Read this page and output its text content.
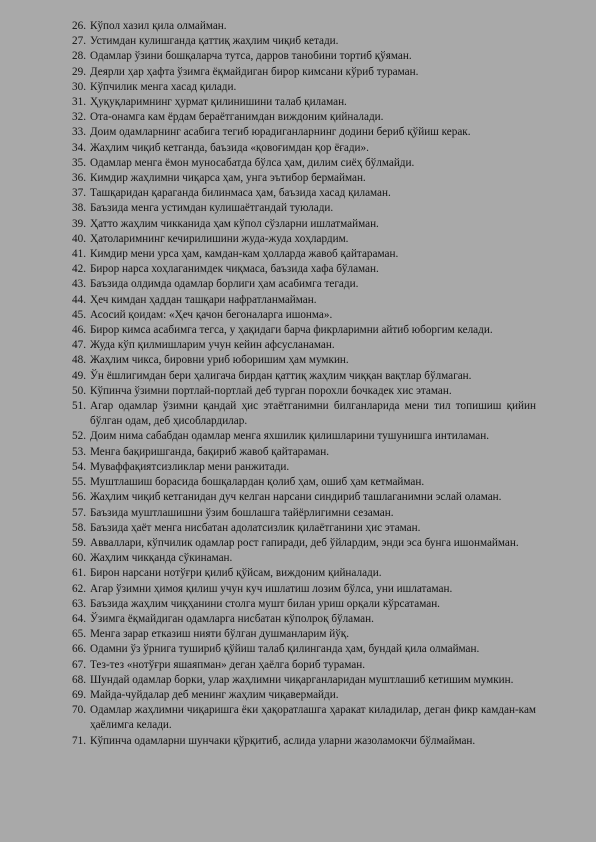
26. Кўпол хазил қила олмайман.
27. Устимдан кулишганда қаттиқ жаҳлим чиқиб кетади.
28. Одамлар ўзини бошқаларча тутса, дарров танобини тортиб қўяман.
29. Деярли ҳар ҳафта ўзимга ёқмайдиган бирор кимсани кўриб тураман.
30. Кўпчилик менга хасад қилади.
31. Ҳуқуқларимнинг ҳурмат қилинишини талаб қиламан.
32. Ота-онамга кам ёрдам бераётганимдан виждоним қийналади.
33. Доим одамларнинг асабига тегиб юрадиганларнинг додини бериб қўйиш керак.
34. Жаҳлим чиқиб кетганда, баъзида «қовоғимдан қор ёғади».
35. Одамлар менга ёмон муносабатда бўлса ҳам, дилим сиёҳ бўлмайди.
36. Кимдир жаҳлимни чиқарса ҳам, унга эътибор бермайман.
37. Ташқаридан қараганда билинмаса ҳам, баъзида хасад қиламан.
38. Баъзида менга устимдан кулишаётгандай туюлади.
39. Ҳатто жаҳлим чикканида ҳам кўпол сўзларни ишлатмайман.
40. Ҳатоларимнинг кечирилишини жуда-жуда хоҳлардим.
41. Кимдир мени урса ҳам, камдан-кам ҳолларда жавоб қайтараман.
42. Бирор нарса хоҳлаганимдек чиқмаса, баъзида хафа бўламан.
43. Баъзида олдимда одамлар борлиги ҳам асабимга тегади.
44. Ҳеч кимдан ҳаддан ташқари нафратланмайман.
45. Асосий қоидам: «Ҳеч қачон бегоналарга ишонма».
46. Бирор кимса асабимга тегса, у ҳақидаги барча фикрларимни айтиб юборгим келади.
47. Жуда кўп қилмишларим учун кейин афсусланаман.
48. Жаҳлим чикса, бировни уриб юборишим ҳам мумкин.
49. Ўн ёшлигимдан бери ҳалигача бирдан қаттиқ жаҳлим чиққан вақтлар бўлмаган.
50. Кўпинча ўзимни портлай-портлай деб турган порохли бочкадек хис этаман.
51. Агар одамлар ўзимни қандай ҳис этаётганимни билганларида мени тил топишиш қийин бўлган одам, деб ҳисоблардилар.
52. Доим нима сабабдан одамлар менга яхшилик қилишларини тушунишга интиламан.
53. Менга бақиришганда, бақириб жавоб қайтараман.
54. Муваффақиятсизликлар мени ранжитади.
55. Муштлашиш борасида бошқалардан қолиб ҳам, ошиб ҳам кетмайман.
56. Жаҳлим чиқиб кетганидан дуч келган нарсани синдириб ташлаганимни эслай оламан.
57. Баъзида муштлашишни ўзим бошлашга тайёрлигимни сезаман.
58. Баъзида ҳаёт менга нисбатан адолатсизлик қилаётганини ҳис этаман.
59. Авваллари, кўпчилик одамлар рост гапиради, деб ўйлардим, энди эса бунга ишонмайман.
60. Жаҳлим чикқанда сўкинаман.
61. Бирон нарсани нотўғри қилиб қўйсам, виждоним қийналади.
62. Агар ўзимни ҳимоя қилиш учун куч ишлатиш лозим бўлса, уни ишлатаман.
63. Баъзида жаҳлим чиқҳанини столга мушт билан уриш орқали кўрсатаман.
64. Ўзимга ёқмайдиган одамларга нисбатан кўполроқ бўламан.
65. Менга зарар етказиш нияти бўлган душманларим йўқ.
66. Одамни ўз ўрнига тушириб қўйиш талаб қилинганда ҳам, бундай қила олмайман.
67. Тез-тез «нотўғри яшаяпман» деган ҳаёлга бориб тураман.
68. Шундай одамлар борки, улар жаҳлимни чиқарганларидан муштлашиб кетишим мумкин.
69. Майда-чуйдалар деб менинг жаҳлим чиқавермайди.
70. Одамлар жаҳлимни чиқаришга ёки ҳақоратлашга ҳаракат киладилар, деган фикр камдан-кам ҳаёлимга келади.
71. Кўпинча одамларни шунчаки қўрқитиб, аслида уларни жазоламокчи бўлмайман.
